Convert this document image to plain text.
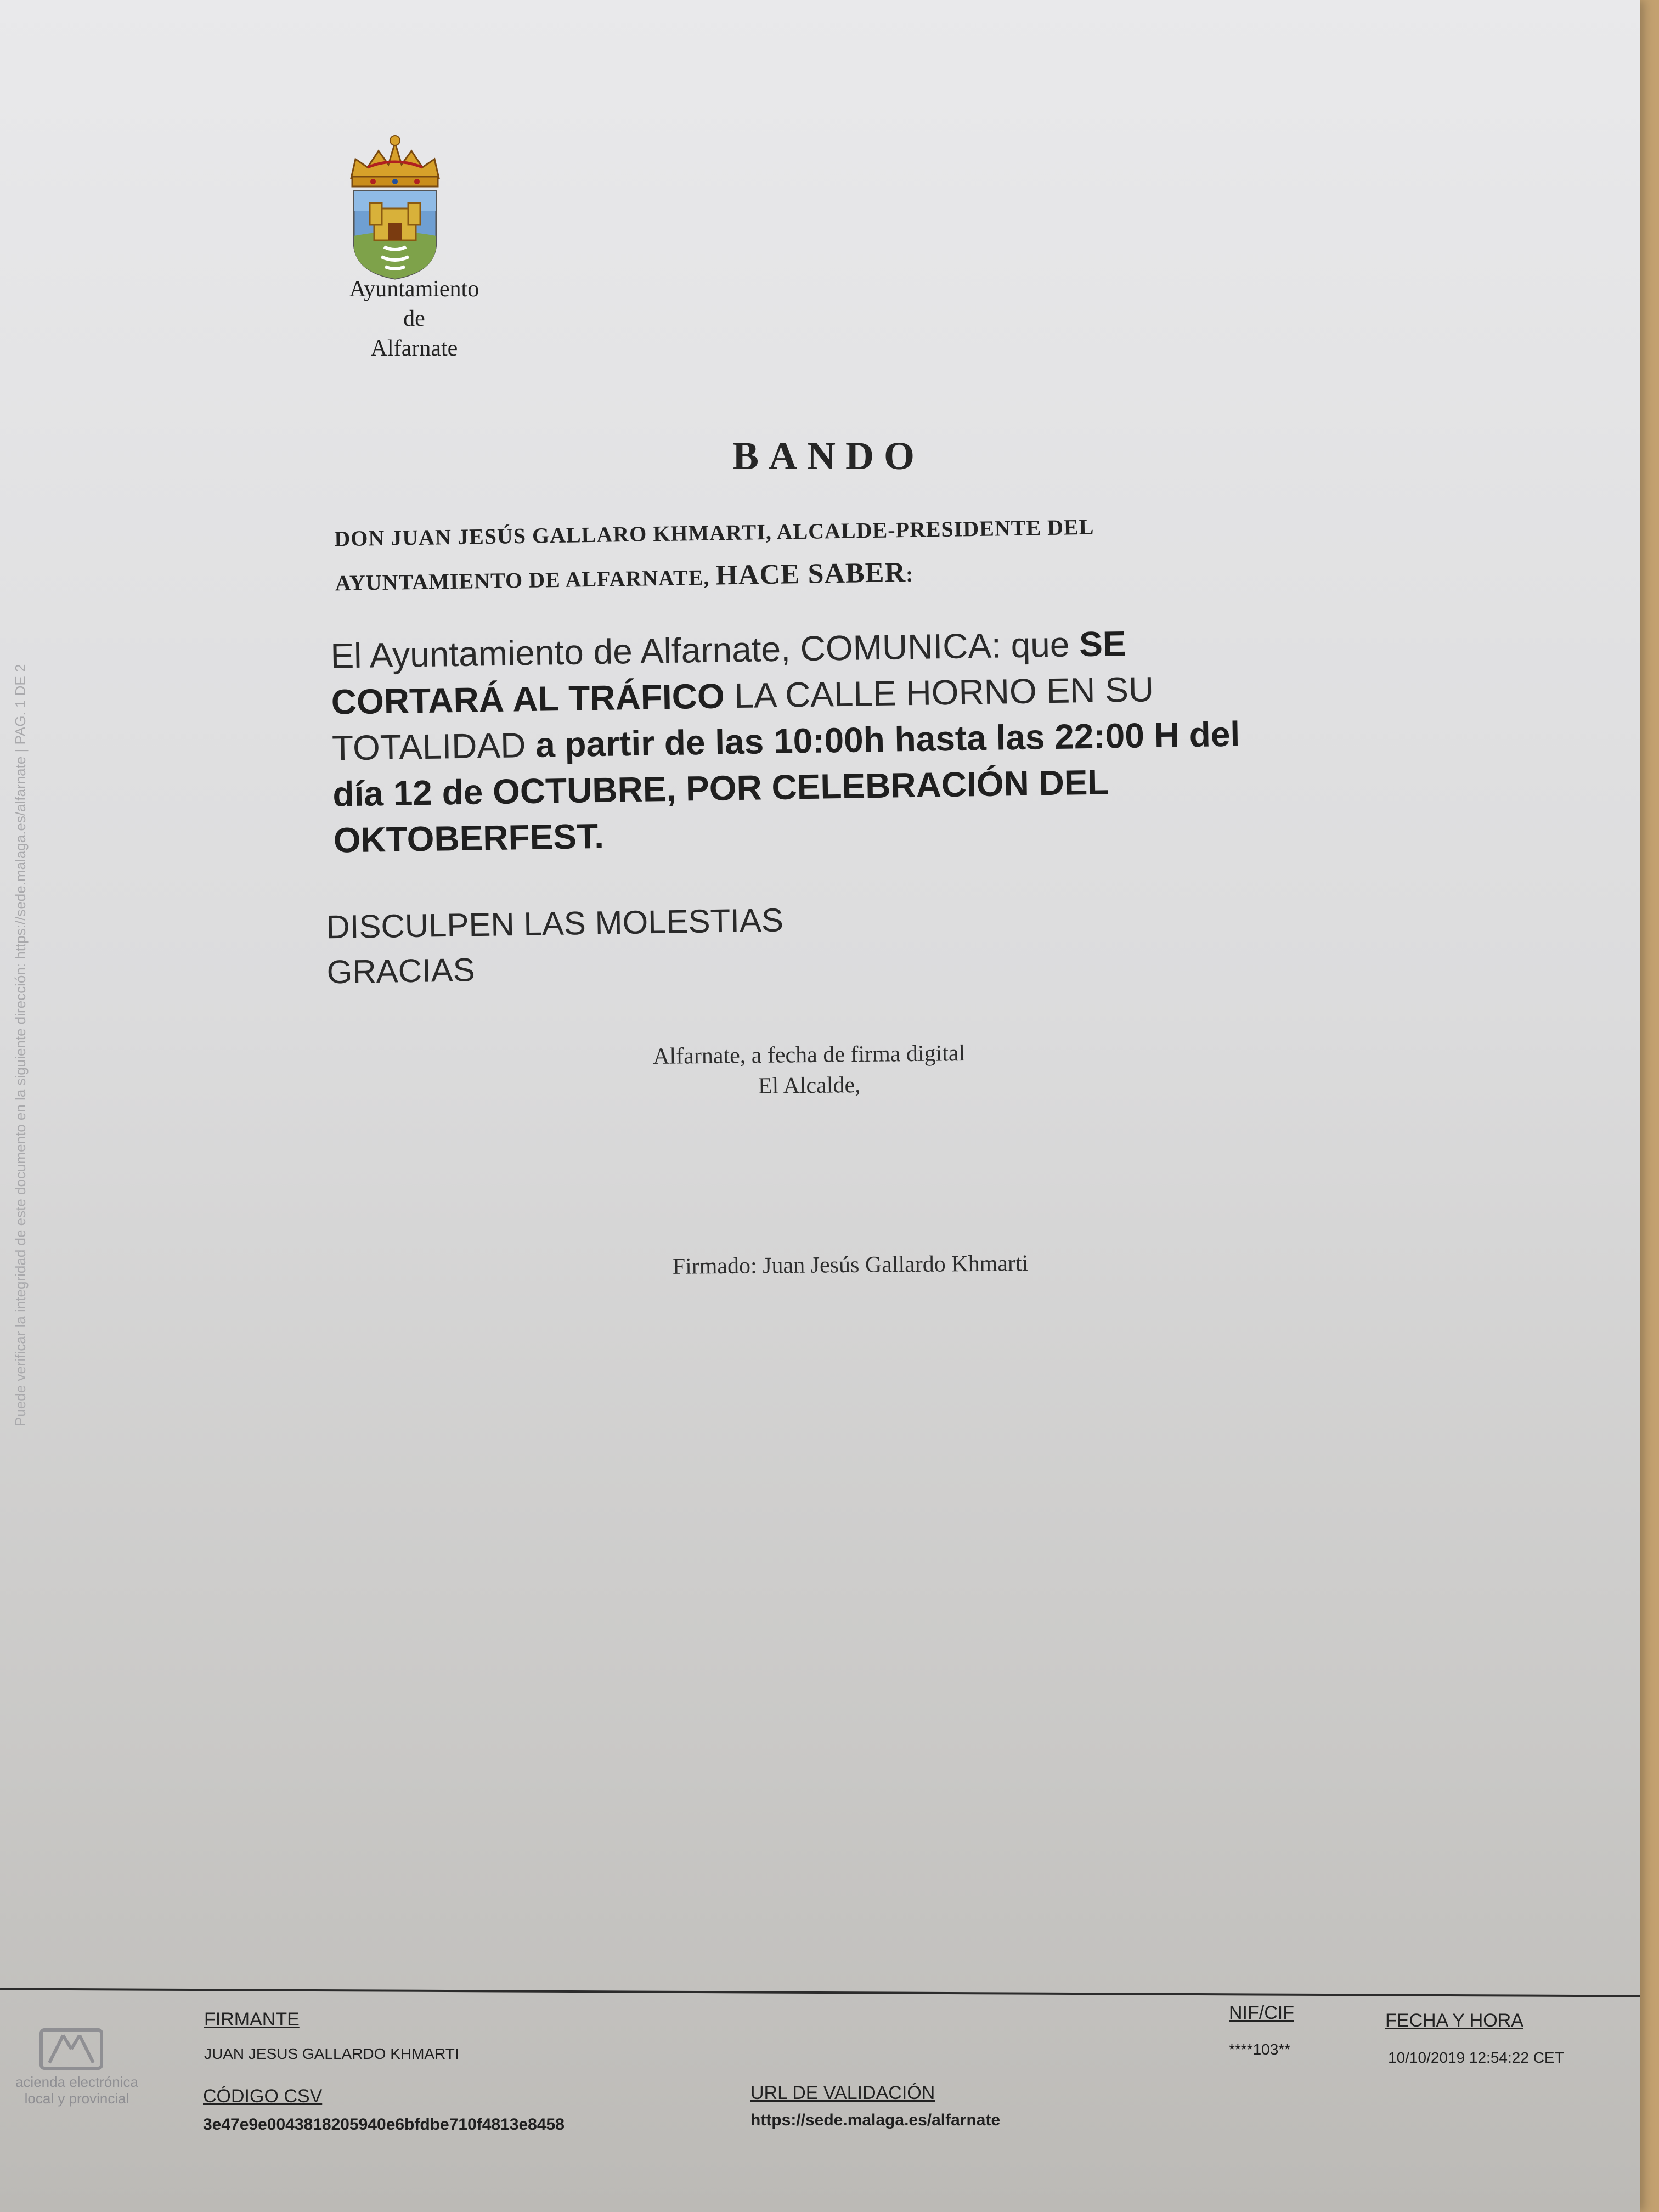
Puede verificar la integridad de este documento en la siguiente dirección: https://sede.malaga.es/alfarnate | PAG. 1 DE 2
Ayuntamiento
de
Alfarnate
BANDO
DON JUAN JESÚS GALLARO KHMARTI, ALCALDE-PRESIDENTE DEL
AYUNTAMIENTO DE ALFARNATE, HACE SABER:
El Ayuntamiento de Alfarnate, COMUNICA: que SE CORTARÁ AL TRÁFICO LA CALLE HORNO EN SU TOTALIDAD a partir de las 10:00h hasta las 22:00 H del día 12 de OCTUBRE, POR CELEBRACIÓN DEL OKTOBERFEST.
DISCULPEN LAS MOLESTIAS
GRACIAS
Alfarnate, a fecha de firma digital
El Alcalde,
Firmado: Juan Jesús Gallardo Khmarti
acienda electrónica
local y provincial
FIRMANTE
JUAN JESUS GALLARDO KHMARTI
NIF/CIF
****103**
FECHA Y HORA
10/10/2019 12:54:22 CET
CÓDIGO CSV
3e47e9e0043818205940e6bfdbe710f4813e8458
URL DE VALIDACIÓN
https://sede.malaga.es/alfarnate
